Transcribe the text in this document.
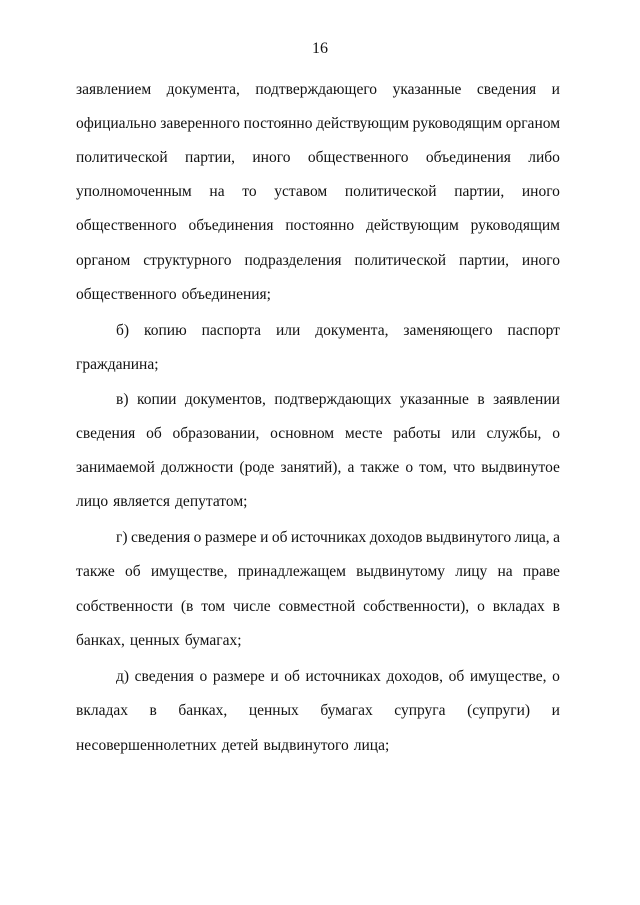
16
заявлением документа, подтверждающего указанные сведения и
официально заверенного постоянно действующим руководящим органом
политической партии, иного общественного объединения либо
уполномоченным на то уставом политической партии, иного
общественного объединения постоянно действующим руководящим
органом структурного подразделения политической партии, иного
общественного объединения;
б) копию паспорта или документа, заменяющего паспорт
гражданина;
в) копии документов, подтверждающих указанные в заявлении
сведения об образовании, основном месте работы или службы, о
занимаемой должности (роде занятий), а также о том, что выдвинутое
лицо является депутатом;
г) сведения о размере и об источниках доходов выдвинутого лица, а
также об имуществе, принадлежащем выдвинутому лицу на праве
собственности (в том числе совместной собственности), о вкладах в
банках, ценных бумагах;
д) сведения о размере и об источниках доходов, об имуществе, о
вкладах в банках, ценных бумагах супруга (супруги) и
несовершеннолетних детей выдвинутого лица;
